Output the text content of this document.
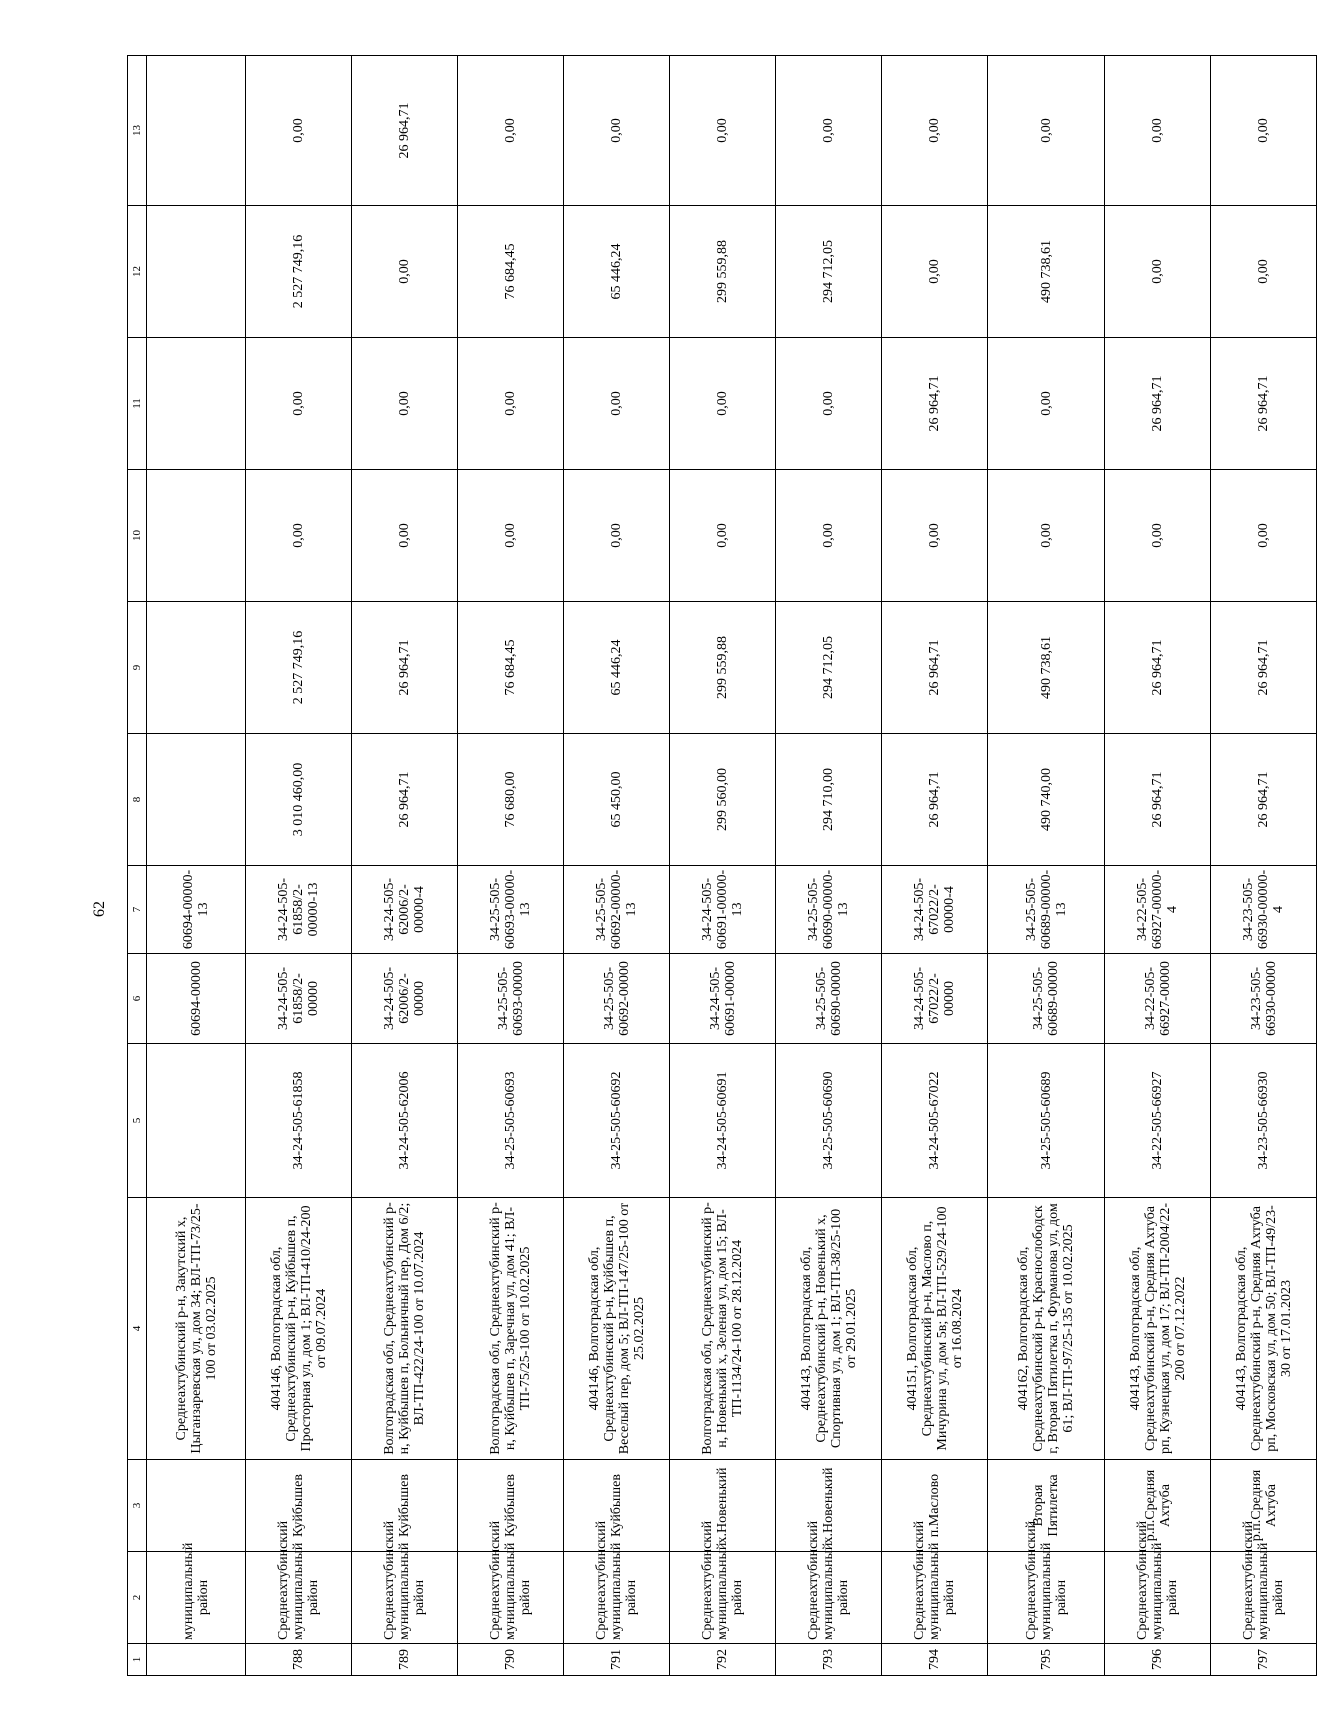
62
1	2	3	4	5	6	7	8	9	10	11	12	13
	муниципальный район		Среднеахтубинский р-н, Закутский х, Цыганзаревская ул, дом 34; ВЛ-ТП-73/25-100 от 03.02.2025		60694-00000	60694-00000-13						
788	Среднеахтубинский муниципальный район	Куйбышев	404146, Волгоградская обл, Среднеахтубинский р-н, Куйбышев п, Просторная ул, дом 1; ВЛ-ТП-410/24-200 от 09.07.2024	34-24-505-61858	34-24-505-61858/2-00000	34-24-505-61858/2-00000-13	3 010 460,00	2 527 749,16	0,00	0,00	2 527 749,16	0,00
789	Среднеахтубинский муниципальный район	Куйбышев	Волгоградская обл, Среднеахтубинский р-н, Куйбышев п, Больничный пер, Дом 6/2; ВЛ-ТП-422/24-100 от 10.07.2024	34-24-505-62006	34-24-505-62006/2-00000	34-24-505-62006/2-00000-4	26 964,71	26 964,71	0,00	0,00	0,00	26 964,71
790	Среднеахтубинский муниципальный район	Куйбышев	Волгоградская обл, Среднеахтубинский р-н, Куйбышев п, Заречная ул, дом 41; ВЛ-ТП-75/25-100 от 10.02.2025	34-25-505-60693	34-25-505-60693-00000	34-25-505-60693-00000-13	76 680,00	76 684,45	0,00	0,00	76 684,45	0,00
791	Среднеахтубинский муниципальный район	Куйбышев	404146, Волгоградская обл, Среднеахтубинский р-н, Куйбышев п, Веселый пер, дом 5; ВЛ-ТП-147/25-100 от 25.02.2025	34-25-505-60692	34-25-505-60692-00000	34-25-505-60692-00000-13	65 450,00	65 446,24	0,00	0,00	65 446,24	0,00
792	Среднеахтубинский муниципальный район	х.Новенький	Волгоградская обл, Среднеахтубинский р-н, Новенький х, Зеленая ул, дом 15; ВЛ-ТП-1134/24-100 от 28.12.2024	34-24-505-60691	34-24-505-60691-00000	34-24-505-60691-00000-13	299 560,00	299 559,88	0,00	0,00	299 559,88	0,00
793	Среднеахтубинский муниципальный район	х.Новенький	404143, Волгоградская обл, Среднеахтубинский р-н, Новенький х, Спортивная ул, дом 1; ВЛ-ТП-38/25-100 от 29.01.2025	34-25-505-60690	34-25-505-60690-00000	34-25-505-60690-00000-13	294 710,00	294 712,05	0,00	0,00	294 712,05	0,00
794	Среднеахтубинский муниципальный район	п.Маслово	404151, Волгоградская обл, Среднеахтубинский р-н, Маслово п, Мичурина ул, дом 5в; ВЛ-ТП-529/24-100 от 16.08.2024	34-24-505-67022	34-24-505-67022/2-00000	34-24-505-67022/2-00000-4	26 964,71	26 964,71	0,00	26 964,71	0,00	0,00
795	Среднеахтубинский муниципальный район	Вторая Пятилетка	404162, Волгоградская обл, Среднеахтубинский р-н, Краснослободск г, Вторая Пятилетка п, Фурманова ул, дом 61; ВЛ-ТП-97/25-135 от 10.02.2025	34-25-505-60689	34-25-505-60689-00000	34-25-505-60689-00000-13	490 740,00	490 738,61	0,00	0,00	490 738,61	0,00
796	Среднеахтубинский муниципальный район	р.п.Средняя Ахтуба	404143, Волгоградская обл, Среднеахтубинский р-н, Средняя Ахтуба рп, Кузнецкая ул, дом 17; ВЛ-ТП-2004/22-200 от 07.12.2022	34-22-505-66927	34-22-505-66927-00000	34-22-505-66927-00000-4	26 964,71	26 964,71	0,00	26 964,71	0,00	0,00
797	Среднеахтубинский муниципальный район	р.п.Средняя Ахтуба	404143, Волгоградская обл, Среднеахтубинский р-н, Средняя Ахтуба рп, Московская ул, дом 50; ВЛ-ТП-49/23-30 от 17.01.2023	34-23-505-66930	34-23-505-66930-00000	34-23-505-66930-00000-4	26 964,71	26 964,71	0,00	26 964,71	0,00	0,00
